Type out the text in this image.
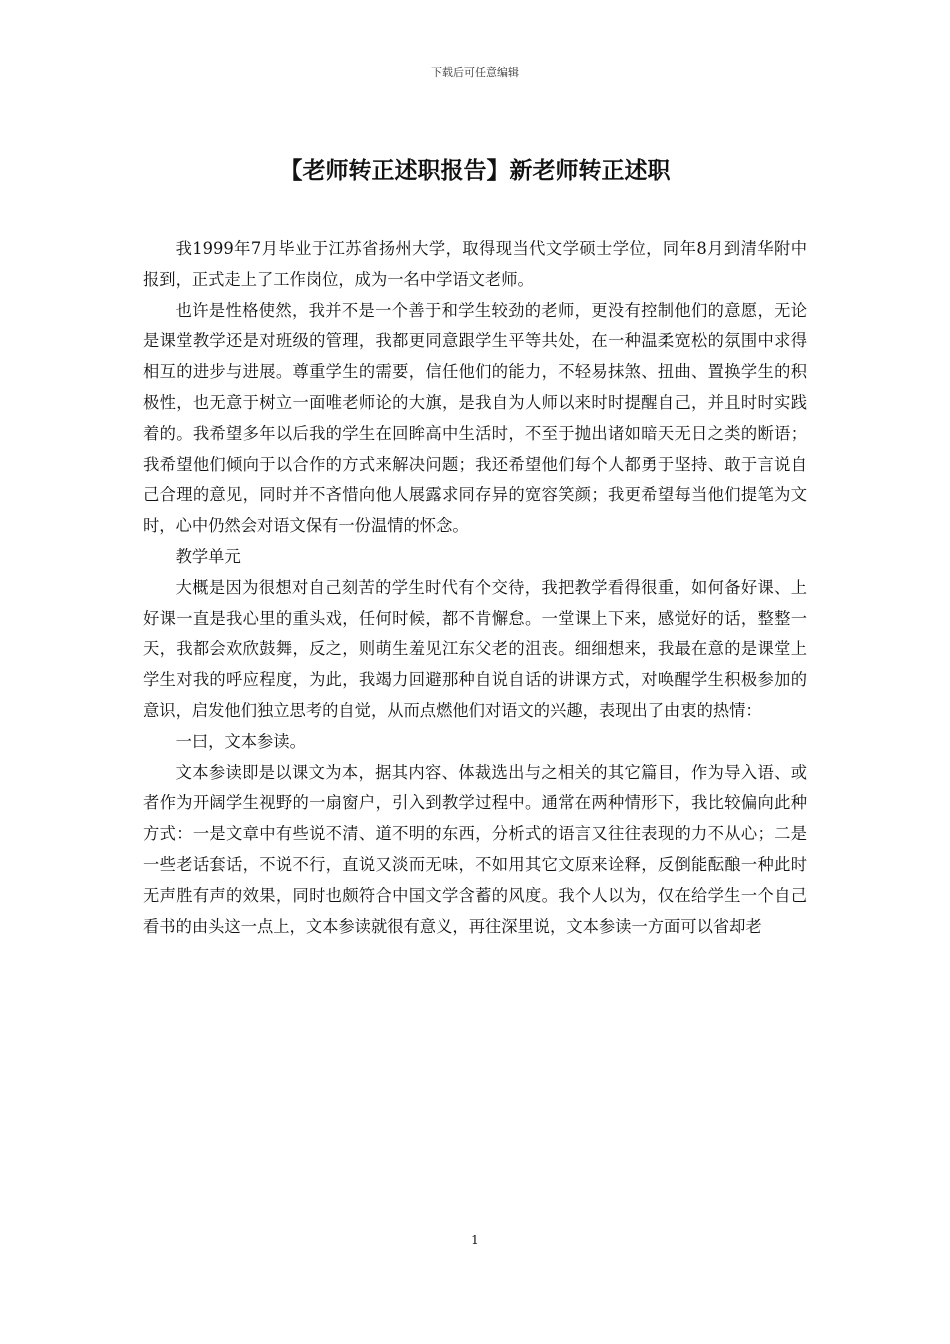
下载后可任意编辑
【老师转正述职报告】新老师转正述职

我1999年7月毕业于江苏省扬州大学，取得现当代文学硕士学位，同年8月到清华附中报到，正式走上了工作岗位，成为一名中学语文老师。

也许是性格使然，我并不是一个善于和学生较劲的老师，更没有控制他们的意愿，无论是课堂教学还是对班级的管理，我都更同意跟学生平等共处，在一种温柔宽松的氛围中求得相互的进步与进展。尊重学生的需要，信任他们的能力，不轻易抹煞、扭曲、置换学生的积极性，也无意于树立一面唯老师论的大旗，是我自为人师以来时时提醒自己，并且时时实践着的。我希望多年以后我的学生在回眸高中生活时，不至于抛出诸如暗天无日之类的断语；我希望他们倾向于以合作的方式来解决问题；我还希望他们每个人都勇于坚持、敢于言说自己合理的意见，同时并不吝惜向他人展露求同存异的宽容笑颜；我更希望每当他们提笔为文时，心中仍然会对语文保有一份温情的怀念。

教学单元

大概是因为很想对自己刻苦的学生时代有个交待，我把教学看得很重，如何备好课、上好课一直是我心里的重头戏，任何时候，都不肯懈怠。一堂课上下来，感觉好的话，整整一天，我都会欢欣鼓舞，反之，则萌生羞见江东父老的沮丧。细细想来，我最在意的是课堂上学生对我的呼应程度，为此，我竭力回避那种自说自话的讲课方式，对唤醒学生积极参加的意识，启发他们独立思考的自觉，从而点燃他们对语文的兴趣，表现出了由衷的热情：

一曰，文本参读。

文本参读即是以课文为本，据其内容、体裁选出与之相关的其它篇目，作为导入语、或者作为开阔学生视野的一扇窗户，引入到教学过程中。通常在两种情形下，我比较偏向此种方式：一是文章中有些说不清、道不明的东西，分析式的语言又往往表现的力不从心；二是一些老话套话，不说不行，直说又淡而无味，不如用其它文原来诠释，反倒能酝酿一种此时无声胜有声的效果，同时也颇符合中国文学含蓄的风度。我个人以为，仅在给学生一个自己看书的由头这一点上，文本参读就很有意义，再往深里说，文本参读一方面可以省却老

1
